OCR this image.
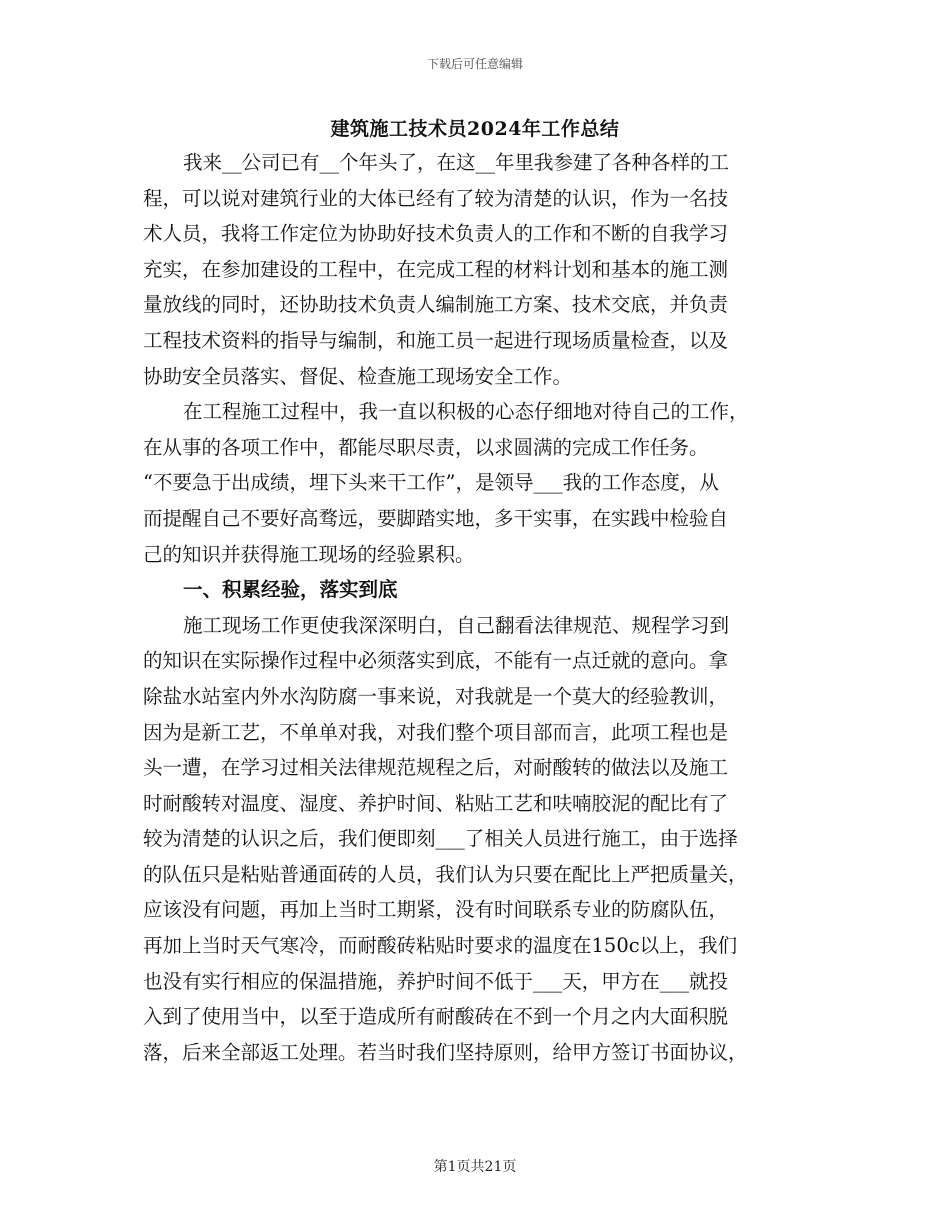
下载后可任意编辑
建筑施工技术员2024年工作总结
我来__公司已有__个年头了，在这__年里我参建了各种各样的工
程，可以说对建筑行业的大体已经有了较为清楚的认识，作为一名技
术人员，我将工作定位为协助好技术负责人的工作和不断的自我学习
充实，在参加建设的工程中，在完成工程的材料计划和基本的施工测
量放线的同时，还协助技术负责人编制施工方案、技术交底，并负责
工程技术资料的指导与编制，和施工员一起进行现场质量检查，以及
协助安全员落实、督促、检查施工现场安全工作。
在工程施工过程中，我一直以积极的心态仔细地对待自己的工作，
在从事的各项工作中，都能尽职尽责，以求圆满的完成工作任务。
“不要急于出成绩，埋下头来干工作”，是领导___我的工作态度，从
而提醒自己不要好高骛远，要脚踏实地，多干实事，在实践中检验自
己的知识并获得施工现场的经验累积。
一、积累经验，落实到底
施工现场工作更使我深深明白，自己翻看法律规范、规程学习到
的知识在实际操作过程中必须落实到底，不能有一点迁就的意向。拿
除盐水站室内外水沟防腐一事来说，对我就是一个莫大的经验教训，
因为是新工艺，不单单对我，对我们整个项目部而言，此项工程也是
头一遭，在学习过相关法律规范规程之后，对耐酸转的做法以及施工
时耐酸转对温度、湿度、养护时间、粘贴工艺和呋喃胶泥的配比有了
较为清楚的认识之后，我们便即刻___了相关人员进行施工，由于选择
的队伍只是粘贴普通面砖的人员，我们认为只要在配比上严把质量关，
应该没有问题，再加上当时工期紧，没有时间联系专业的防腐队伍，
再加上当时天气寒冷，而耐酸砖粘贴时要求的温度在150c以上，我们
也没有实行相应的保温措施，养护时间不低于___天，甲方在___就投
入到了使用当中，以至于造成所有耐酸砖在不到一个月之内大面积脱
落，后来全部返工处理。若当时我们坚持原则，给甲方签订书面协议，
第1页共21页
